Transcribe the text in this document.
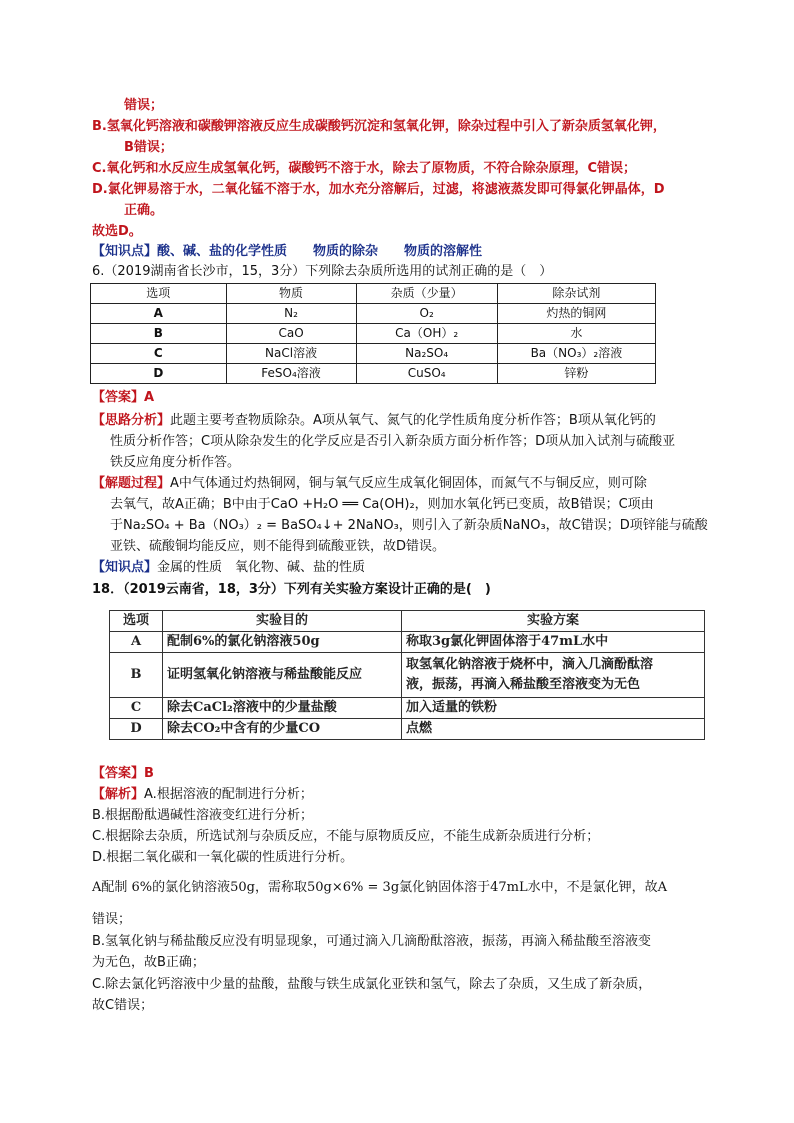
错误；
B.氢氧化钙溶液和碳酸钾溶液反应生成碳酸钙沉淀和氢氧化钾，除杂过程中引入了新杂质氢氧化钾，
B错误；
C.氧化钙和水反应生成氢氧化钙，碳酸钙不溶于水，除去了原物质，不符合除杂原理，C错误；
D.氯化钾易溶于水，二氧化锰不溶于水，加水充分溶解后，过滤，将滤液蒸发即可得氯化钾晶体，D
正确。
故选D。
【知识点】酸、碱、盐的化学性质　　物质的除杂　　物质的溶解性
6.（2019湖南省长沙市，15，3分）下列除去杂质所选用的试剂正确的是（　）
选项	物质	杂质（少量）	除杂试剂
A	N₂	O₂	灼热的铜网
B	CaO	Ca（OH）₂	水
C	NaCl溶液	Na₂SO₄	Ba（NO₃）₂溶液
D	FeSO₄溶液	CuSO₄	锌粉
【答案】A
【思路分析】此题主要考查物质除杂。A项从氧气、氮气的化学性质角度分析作答；B项从氧化钙的
性质分析作答；C项从除杂发生的化学反应是否引入新杂质方面分析作答；D项从加入试剂与硫酸亚
铁反应角度分析作答。
【解题过程】A中气体通过灼热铜网，铜与氧气反应生成氧化铜固体，而氮气不与铜反应，则可除
去氧气，故A正确；B中由于CaO +H₂O ══ Ca(OH)₂，则加水氧化钙已变质，故B错误；C项由
于Na₂SO₄ + Ba（NO₃）₂ = BaSO₄↓+ 2NaNO₃，则引入了新杂质NaNO₃，故C错误；D项锌能与硫酸
亚铁、硫酸铜均能反应，则不能得到硫酸亚铁，故D错误。
【知识点】金属的性质　氧化物、碱、盐的性质
18．（2019云南省，18，3分）下列有关实验方案设计正确的是(　)
选项	实验目的	实验方案
A	配制6%的氯化钠溶液50g	称取3g氯化钾固体溶于47mL水中
B	证明氢氧化钠溶液与稀盐酸能反应	取氢氧化钠溶液于烧杯中，滴入几滴酚酞溶
液，振荡，再滴入稀盐酸至溶液变为无色

C	除去CaCl₂溶液中的少量盐酸	加入适量的铁粉
D	除去CO₂中含有的少量CO	点燃
【答案】B
【解析】A.根据溶液的配制进行分析；
B.根据酚酞遇碱性溶液变红进行分析；
C.根据除去杂质，所选试剂与杂质反应，不能与原物质反应，不能生成新杂质进行分析；
D.根据二氧化碳和一氧化碳的性质进行分析。
A配制 6%的氯化钠溶液50g，需称取50g×6% = 3g氯化钠固体溶于47mL水中，不是氯化钾，故A
错误；
B.氢氧化钠与稀盐酸反应没有明显现象，可通过滴入几滴酚酞溶液，振荡，再滴入稀盐酸至溶液变
为无色，故B正确；
C.除去氯化钙溶液中少量的盐酸，盐酸与铁生成氯化亚铁和氢气，除去了杂质，又生成了新杂质，
故C错误；
